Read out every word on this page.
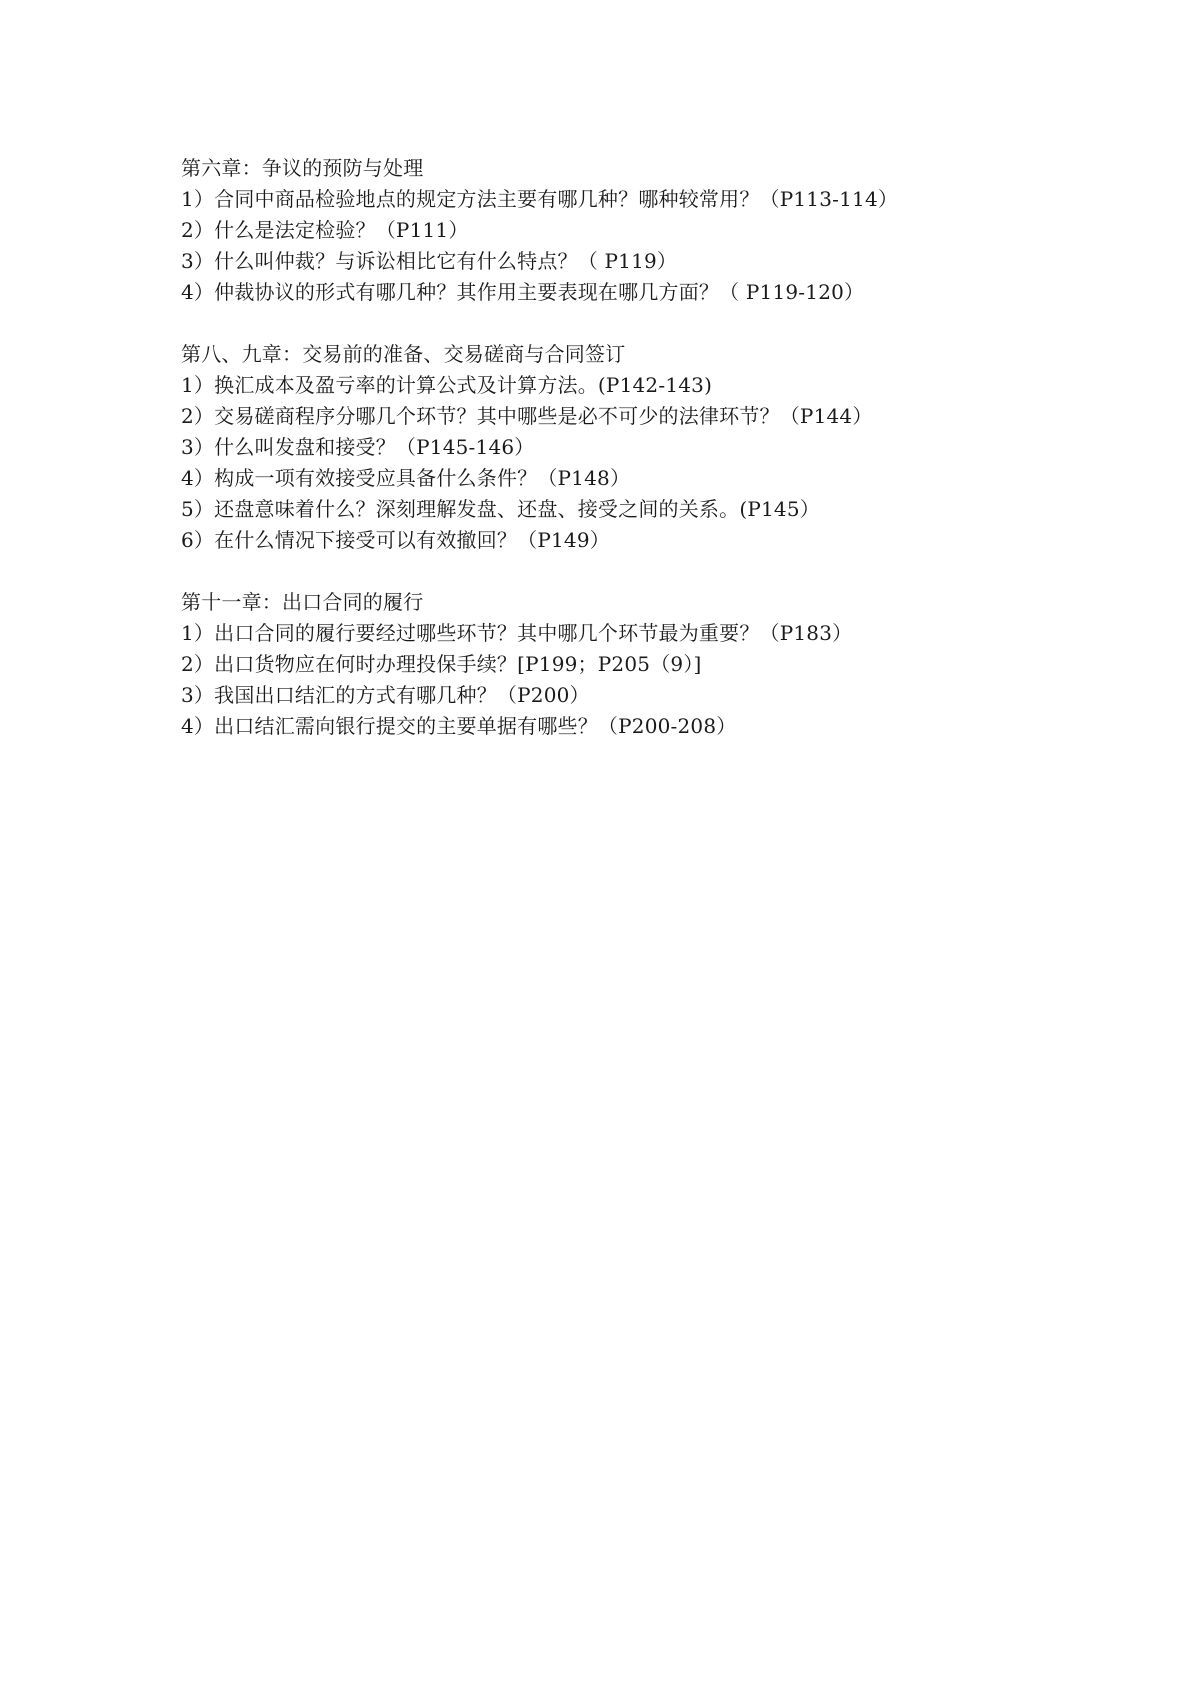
第六章：争议的预防与处理
1）合同中商品检验地点的规定方法主要有哪几种？哪种较常用？（P113-114）
2）什么是法定检验？（P111）
3）什么叫仲裁？与诉讼相比它有什么特点？（ P119）
4）仲裁协议的形式有哪几种？其作用主要表现在哪几方面？（ P119-120）
第八、九章：交易前的准备、交易磋商与合同签订
1）换汇成本及盈亏率的计算公式及计算方法。(P142-143)
2）交易磋商程序分哪几个环节？其中哪些是必不可少的法律环节？（P144）
3）什么叫发盘和接受？（P145-146）
4）构成一项有效接受应具备什么条件？（P148）
5）还盘意味着什么？深刻理解发盘、还盘、接受之间的关系。(P145）
6）在什么情况下接受可以有效撤回？（P149）
第十一章：出口合同的履行
1）出口合同的履行要经过哪些环节？其中哪几个环节最为重要？（P183）
2）出口货物应在何时办理投保手续？[P199；P205（9）]
3）我国出口结汇的方式有哪几种？（P200）
4）出口结汇需向银行提交的主要单据有哪些？（P200-208）
